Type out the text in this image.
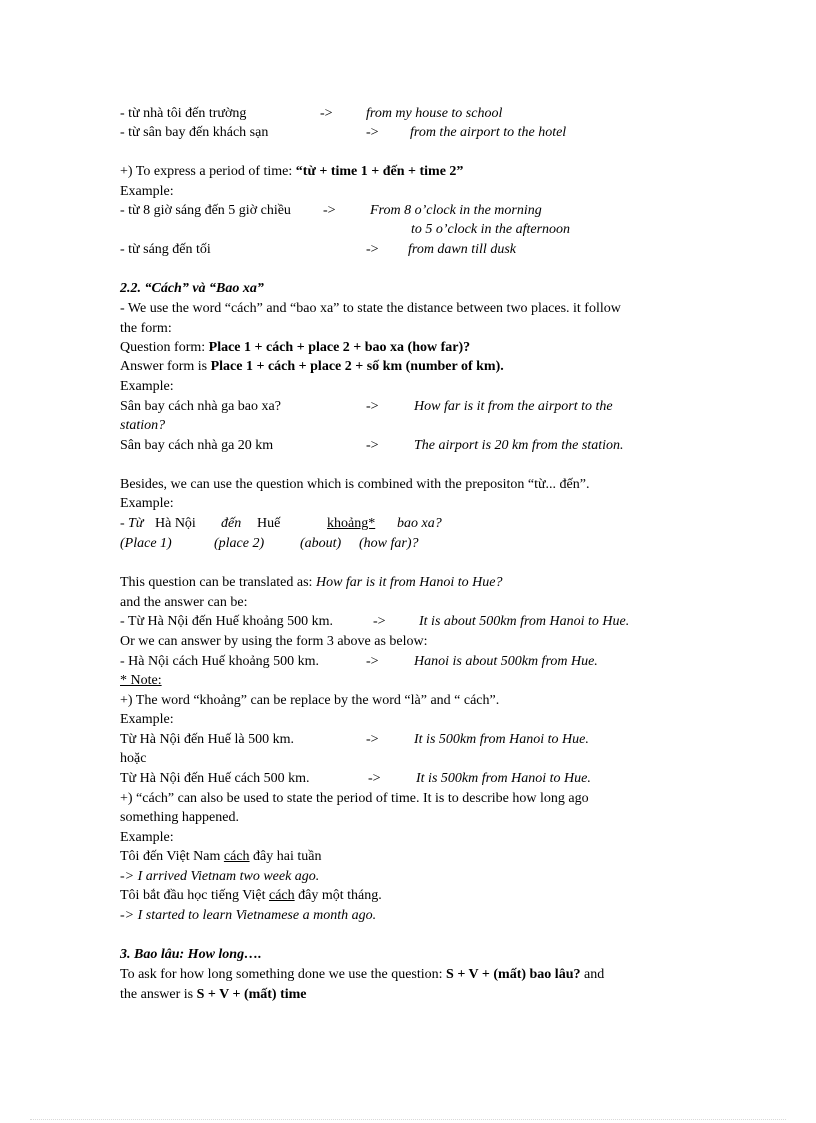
- từ nhà tôi đến trường	-> from my house to school
- từ sân bay đến khách sạn	-> from the airport to the hotel
+) To express a period of time: “từ + time 1 + đến + time 2”
Example:
- từ 8 giờ sáng đến 5 giờ chiều -> From 8 o’clock in the morning
to 5 o’clock in the afternoon
- từ sáng đến tối	-> from dawn till dusk
2.2. “Cách” và “Bao xa”
- We use the word “cách” and “bao xa” to state the distance between two places. it follow
the form:
Question form: Place 1 + cách + place 2 + bao xa (how far)?
Answer form is Place 1 + cách + place 2 + số km (number of km).
Example:
Sân bay cách nhà ga bao xa?	->	How far is it from the airport to the
station?
Sân bay cách nhà ga 20 km	->	The airport is 20 km from the station.
Besides, we can use the question which is combined with the prepositon “từ... đến”.
Example:
- Từ Hà Nội đến Huế	khoảng* bao xa?
(Place 1)	(place 2)	(about) (how far)?
This question can be translated as: How far is it from Hanoi to Hue?
and the answer can be:
- Từ Hà Nội đến Huế khoảng 500 km.	-> It is about 500km from Hanoi to Hue.
Or we can answer by using the form 3 above as below:
- Hà Nội cách Huế khoảng 500 km.	->	Hanoi is about 500km from Hue.
* Note:
+) The word “khoảng” can be replace by the word “là” and “ cách”.
Example:
Từ Hà Nội đến Huế là 500 km.	->	It is 500km from Hanoi to Hue.
hoặc
Từ Hà Nội đến Huế cách 500 km.	->	It is 500km from Hanoi to Hue.
+) “cách” can also be used to state the period of time. It is to describe how long ago
something happened.
Example:
Tôi đến Việt Nam cách đây hai tuần
-> I arrived Vietnam two week ago.
Tôi bắt đầu học tiếng Việt cách đây một tháng.
-> I started to learn Vietnamese a month ago.
3. Bao lâu: How long….
To ask for how long something done we use the question: S + V + (mất) bao lâu? and
the answer is S + V + (mất) time
